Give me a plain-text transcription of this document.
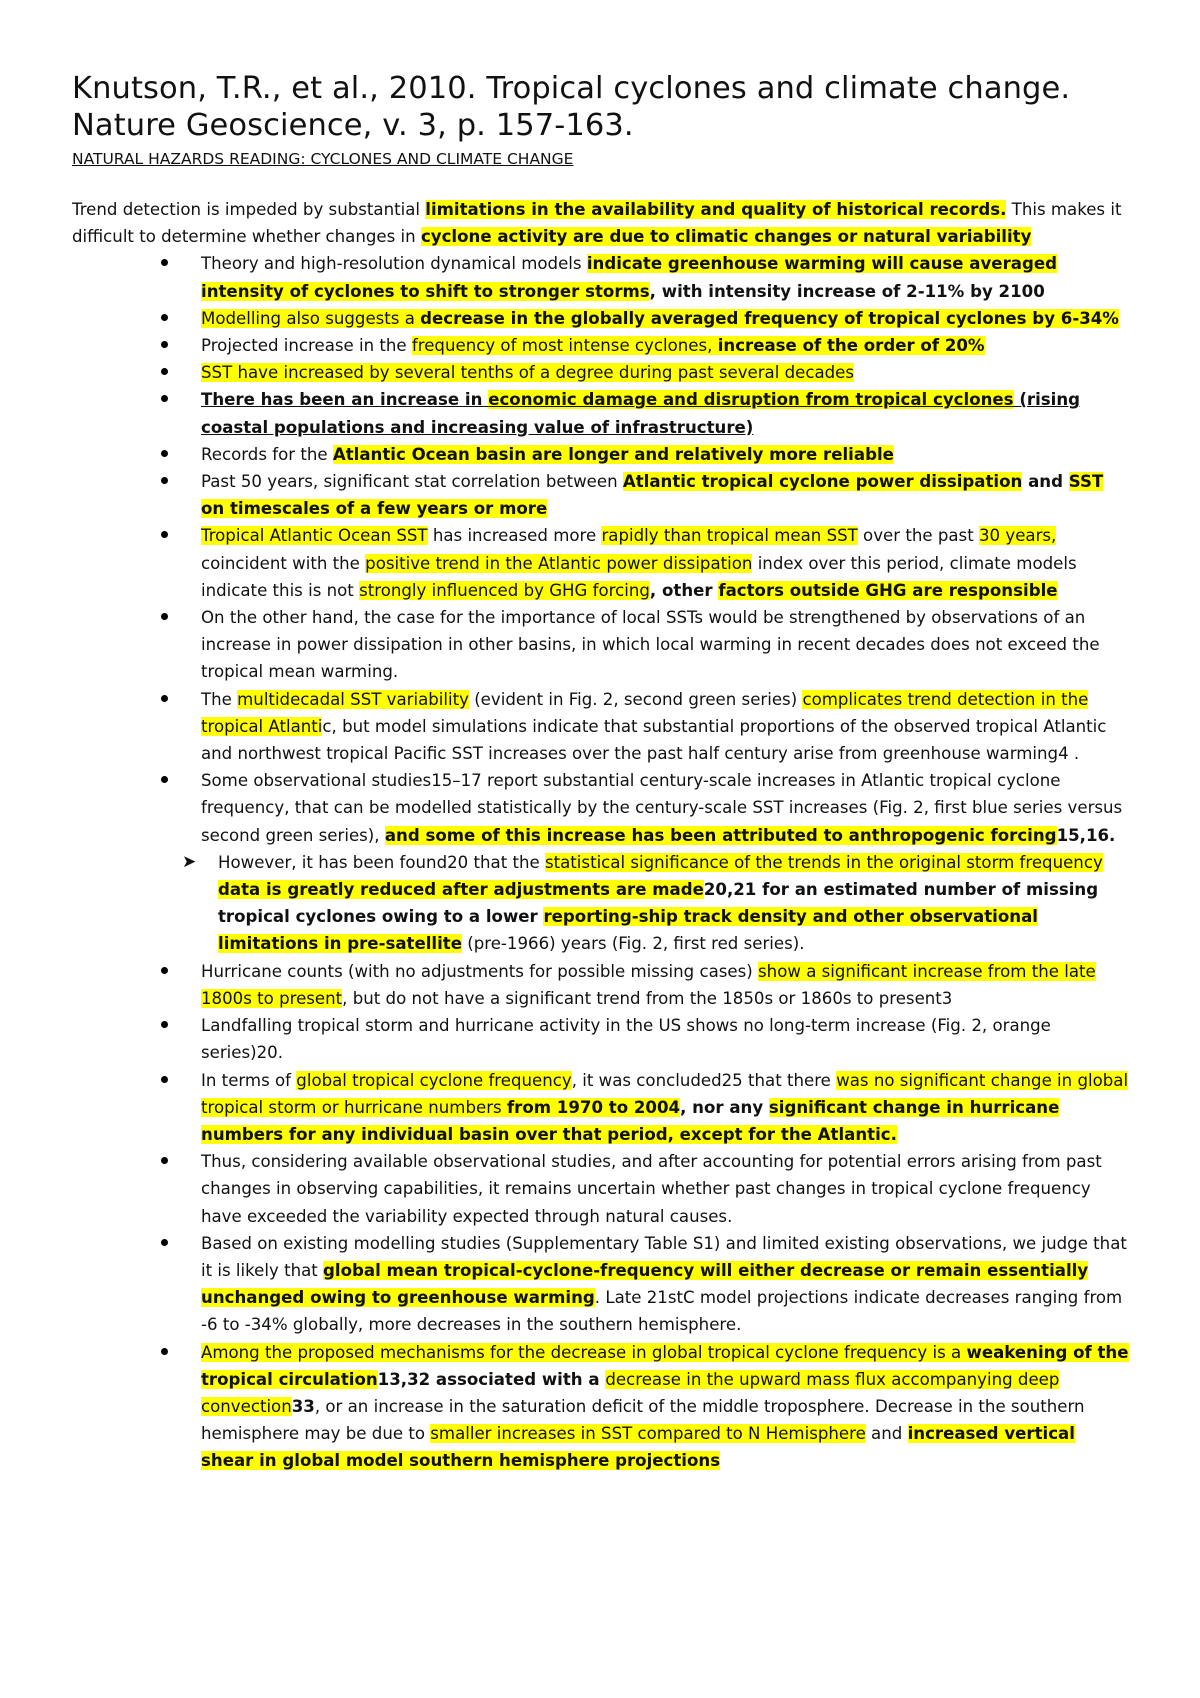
Knutson, T.R., et al., 2010. Tropical cyclones and climate change.

Nature Geoscience, v. 3, p. 157-163.

NATURAL HAZARDS READING: CYCLONES AND CLIMATE CHANGE
Trend detection is impeded by substantial limitations in the availability and quality of historical records. This makes it difficult to determine whether changes in cyclone activity are due to climatic changes or natural variability
Theory and high-resolution dynamical models indicate greenhouse warming will cause averaged intensity of cyclones to shift to stronger storms, with intensity increase of 2-11% by 2100
Modelling also suggests a decrease in the globally averaged frequency of tropical cyclones by 6-34%
Projected increase in the frequency of most intense cyclones, increase of the order of 20%
SST have increased by several tenths of a degree during past several decades
There has been an increase in economic damage and disruption from tropical cyclones (rising coastal populations and increasing value of infrastructure)
Records for the Atlantic Ocean basin are longer and relatively more reliable
Past 50 years, significant stat correlation between Atlantic tropical cyclone power dissipation and SST on timescales of a few years or more
Tropical Atlantic Ocean SST has increased more rapidly than tropical mean SST over the past 30 years, coincident with the positive trend in the Atlantic power dissipation index over this period, climate models indicate this is not strongly influenced by GHG forcing, other factors outside GHG are responsible
On the other hand, the case for the importance of local SSTs would be strengthened by observations of an increase in power dissipation in other basins, in which local warming in recent decades does not exceed the tropical mean warming.
The multidecadal SST variability (evident in Fig. 2, second green series) complicates trend detection in the tropical Atlantic, but model simulations indicate that substantial proportions of the observed tropical Atlantic and northwest tropical Pacific SST increases over the past half century arise from greenhouse warming4 .
Some observational studies15–17 report substantial century-scale increases in Atlantic tropical cyclone frequency, that can be modelled statistically by the century-scale SST increases (Fig. 2, first blue series versus second green series), and some of this increase has been attributed to anthropogenic forcing15,16.
➤ However, it has been found20 that the statistical significance of the trends in the original storm frequency data is greatly reduced after adjustments are made20,21 for an estimated number of missing tropical cyclones owing to a lower reporting-ship track density and other observational limitations in pre-satellite (pre-1966) years (Fig. 2, first red series).
Hurricane counts (with no adjustments for possible missing cases) show a significant increase from the late 1800s to present, but do not have a significant trend from the 1850s or 1860s to present3
Landfalling tropical storm and hurricane activity in the US shows no long-term increase (Fig. 2, orange series)20.
In terms of global tropical cyclone frequency, it was concluded25 that there was no significant change in global tropical storm or hurricane numbers from 1970 to 2004, nor any significant change in hurricane numbers for any individual basin over that period, except for the Atlantic.
Thus, considering available observational studies, and after accounting for potential errors arising from past changes in observing capabilities, it remains uncertain whether past changes in tropical cyclone frequency have exceeded the variability expected through natural causes.
Based on existing modelling studies (Supplementary Table S1) and limited existing observations, we judge that it is likely that global mean tropical-cyclone-frequency will either decrease or remain essentially unchanged owing to greenhouse warming. Late 21stC model projections indicate decreases ranging from -6 to -34% globally, more decreases in the southern hemisphere.
Among the proposed mechanisms for the decrease in global tropical cyclone frequency is a weakening of the tropical circulation13,32 associated with a decrease in the upward mass flux accompanying deep convection33, or an increase in the saturation deficit of the middle troposphere. Decrease in the southern hemisphere may be due to smaller increases in SST compared to N Hemisphere and increased vertical shear in global model southern hemisphere projections
